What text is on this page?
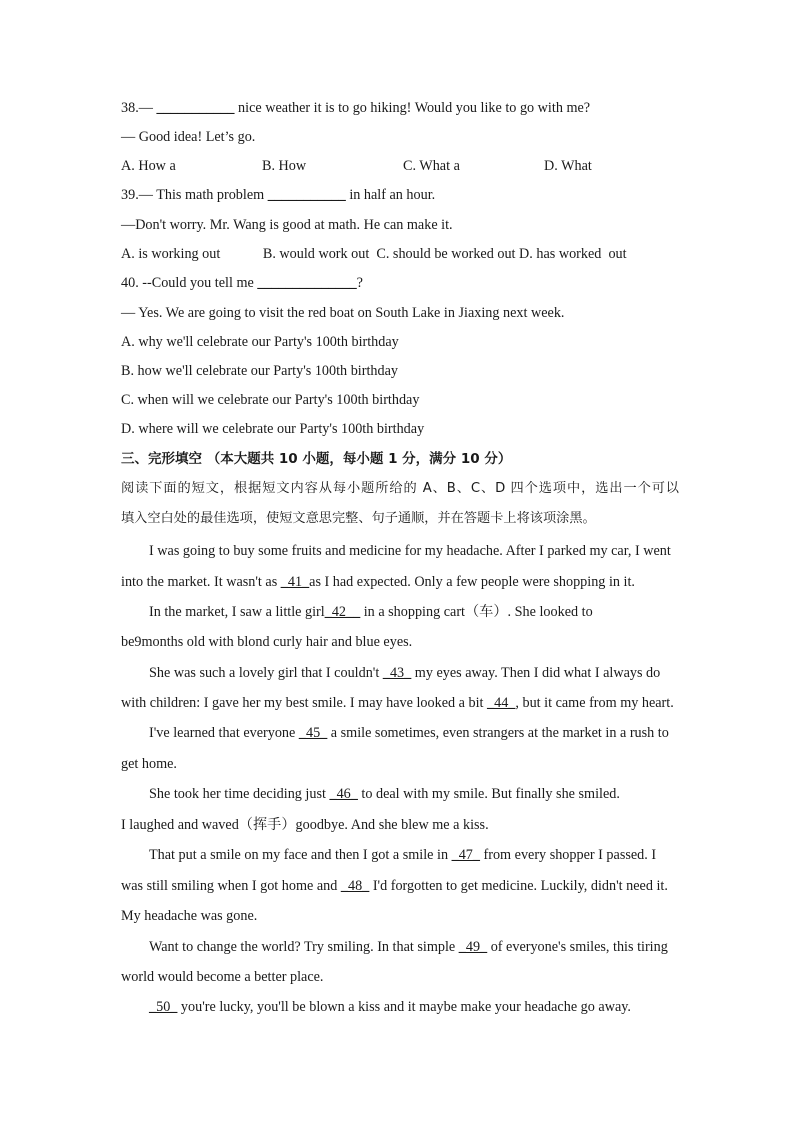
38.— ___________ nice weather it is to go hiking! Would you like to go with me?
— Good idea! Let’s go.
A. How a	B. How	C. What a	D. What
39.— This math problem ___________ in half an hour.
—Don't worry. Mr. Wang is good at math. He can make it.
A. is working out            B. would work out  C. should be worked out D. has worked  out
40. --Could you tell me ______________?
— Yes. We are going to visit the red boat on South Lake in Jiaxing next week.
A. why we'll celebrate our Party's 100th birthday
B. how we'll celebrate our Party's 100th birthday
C. when will we celebrate our Party's 100th birthday
D. where will we celebrate our Party's 100th birthday
三、完形填空 （本大题共 10 小题，每小题 1 分，满分 10 分）
阅读下面的短文，根据短文内容从每小题所给的 A、B、C、D 四个选项中，选出一个可以
填入空白处的最佳选项，使短文意思完整、句子通顺，并在答题卡上将该项涂黑。
I was going to buy some fruits and medicine for my headache. After I parked my car, I went
into the market. It wasn't as _41_as I had expected. Only a few people were shopping in it.
In the market, I saw a little girl_42__ in a shopping cart（车）. She looked to
be9months old with blond curly hair and blue eyes.
She was such a lovely girl that I couldn't _43_ my eyes away. Then I did what I always do
with children: I gave her my best smile. I may have looked a bit _44_, but it came from my heart.
I've learned that everyone _45_ a smile sometimes, even strangers at the market in a rush to
get home.
She took her time deciding just _46_ to deal with my smile. But finally she smiled.
I laughed and waved（挥手）goodbye. And she blew me a kiss.
That put a smile on my face and then I got a smile in _47_ from every shopper I passed. I
was still smiling when I got home and _48_ I'd forgotten to get medicine. Luckily, didn't need it.
My headache was gone.
Want to change the world? Try smiling. In that simple _49_ of everyone's smiles, this tiring
world would become a better place.
_50_ you're lucky, you'll be blown a kiss and it maybe make your headache go away.
